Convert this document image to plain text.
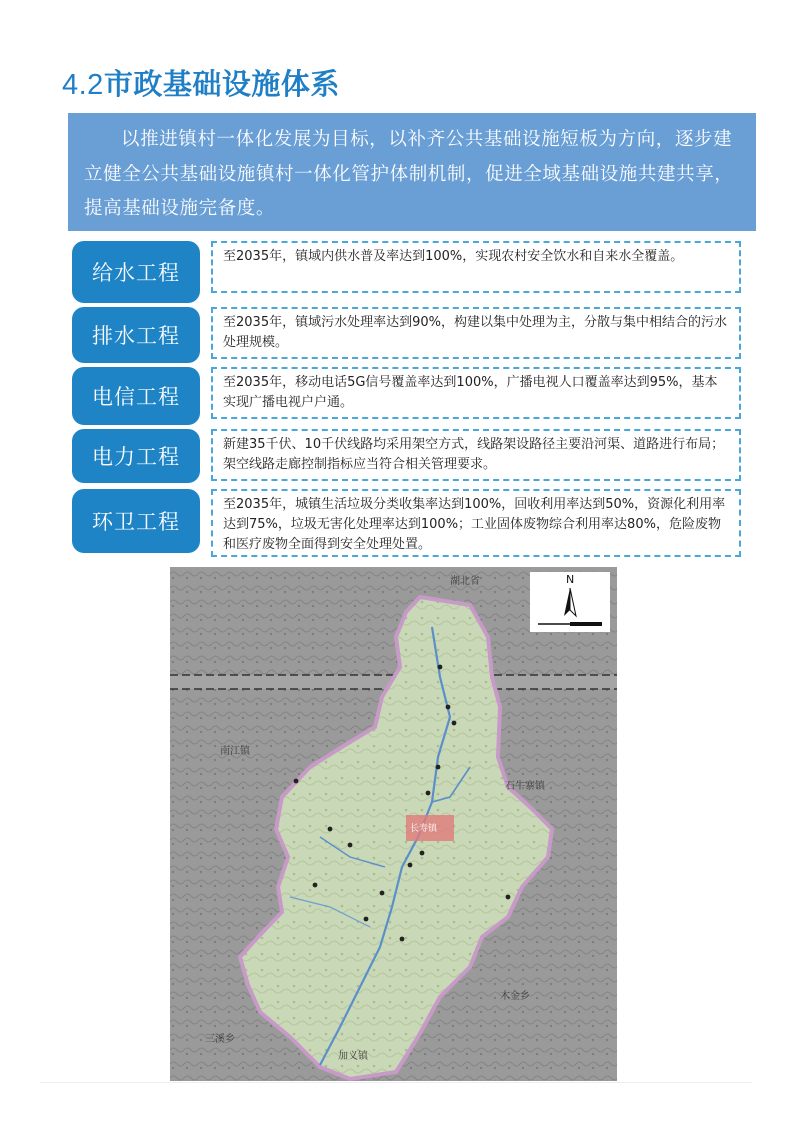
4.2市政基础设施体系

以推进镇村一体化发展为目标，以补齐公共基础设施短板为方向，逐步建立健全公共基础设施镇村一体化管护体制机制，促进全域基础设施共建共享，提高基础设施完备度。

给水工程
至2035年，镇域内供水普及率达到100%，实现农村安全饮水和自来水全覆盖。
排水工程
至2035年，镇域污水处理率达到90%，构建以集中处理为主，分散与集中相结合的污水处理规模。
电信工程
至2035年，移动电话5G信号覆盖率达到100%，广播电视人口覆盖率达到95%，基本实现广播电视户户通。
电力工程
新建35千伏、10千伏线路均采用架空方式，线路架设路径主要沿河渠、道路进行布局；架空线路走廊控制指标应当符合相关管理要求。
环卫工程
至2035年，城镇生活垃圾分类收集率达到100%，回收利用率达到50%，资源化利用率达到75%，垃圾无害化处理率达到100%；工业固体废物综合利用率达80%，危险废物和医疗废物全面得到安全处理处置。
湖北省
南江镇
石牛寨镇
木金乡
三溪乡
加义镇
长寿镇
N
